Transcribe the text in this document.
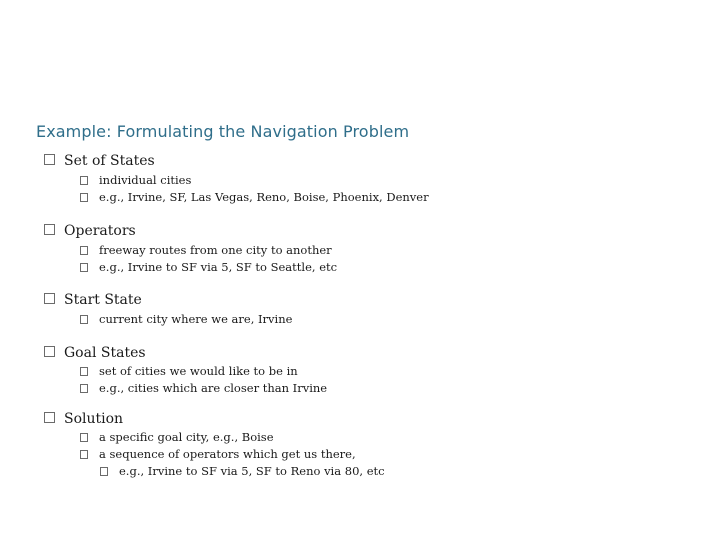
Example: Formulating the Navigation Problem
Set of States
individual cities
e.g., Irvine, SF, Las Vegas, Reno, Boise, Phoenix, Denver
Operators
freeway routes from one city to another
e.g., Irvine to SF via 5, SF to Seattle, etc
Start State
current city where we are, Irvine
Goal States
set of cities we would like to be in
e.g., cities which are closer than Irvine
Solution
a specific goal city, e.g., Boise
a sequence of operators which get us there,
e.g., Irvine to SF via 5, SF to Reno via 80, etc
